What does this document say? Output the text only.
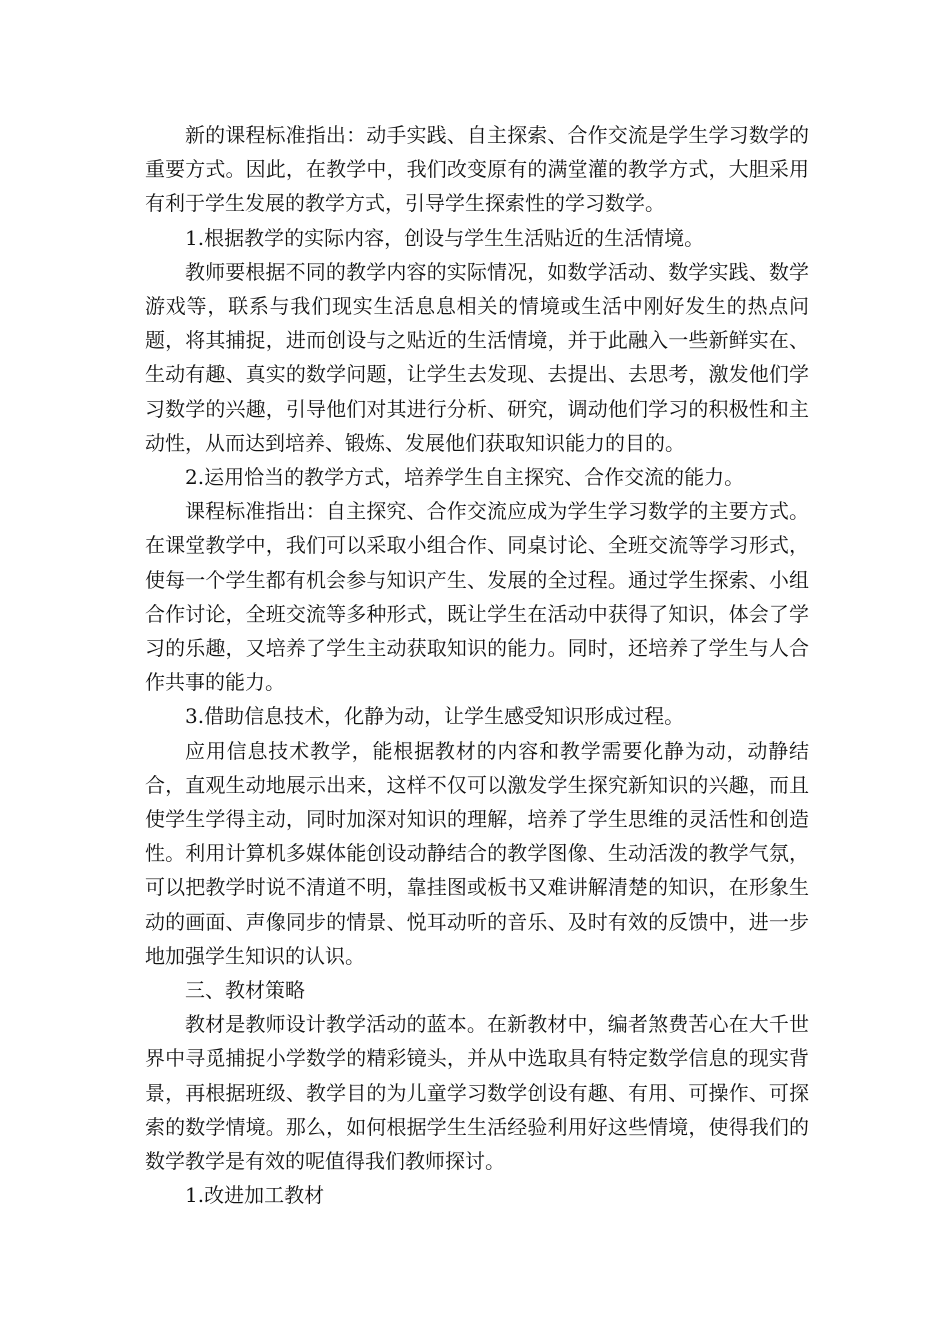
新的课程标准指出：动手实践、自主探索、合作交流是学生学习数学的重要方式。因此，在教学中，我们改变原有的满堂灌的教学方式，大胆采用有利于学生发展的教学方式，引导学生探索性的学习数学。

1.根据教学的实际内容，创设与学生生活贴近的生活情境。

教师要根据不同的教学内容的实际情况，如数学活动、数学实践、数学游戏等，联系与我们现实生活息息相关的情境或生活中刚好发生的热点问题，将其捕捉，进而创设与之贴近的生活情境，并于此融入一些新鲜实在、生动有趣、真实的数学问题，让学生去发现、去提出、去思考，激发他们学习数学的兴趣，引导他们对其进行分析、研究，调动他们学习的积极性和主动性，从而达到培养、锻炼、发展他们获取知识能力的目的。

2.运用恰当的教学方式，培养学生自主探究、合作交流的能力。

课程标准指出：自主探究、合作交流应成为学生学习数学的主要方式。在课堂教学中，我们可以采取小组合作、同桌讨论、全班交流等学习形式，使每一个学生都有机会参与知识产生、发展的全过程。通过学生探索、小组合作讨论，全班交流等多种形式，既让学生在活动中获得了知识，体会了学习的乐趣，又培养了学生主动获取知识的能力。同时，还培养了学生与人合作共事的能力。

3.借助信息技术，化静为动，让学生感受知识形成过程。

应用信息技术教学，能根据教材的内容和教学需要化静为动，动静结合，直观生动地展示出来，这样不仅可以激发学生探究新知识的兴趣，而且使学生学得主动，同时加深对知识的理解，培养了学生思维的灵活性和创造性。利用计算机多媒体能创设动静结合的教学图像、生动活泼的教学气氛，可以把教学时说不清道不明，靠挂图或板书又难讲解清楚的知识，在形象生动的画面、声像同步的情景、悦耳动听的音乐、及时有效的反馈中，进一步地加强学生知识的认识。

三、教材策略

教材是教师设计教学活动的蓝本。在新教材中，编者煞费苦心在大千世界中寻觅捕捉小学数学的精彩镜头，并从中选取具有特定数学信息的现实背景，再根据班级、教学目的为儿童学习数学创设有趣、有用、可操作、可探索的数学情境。那么，如何根据学生生活经验利用好这些情境，使得我们的数学教学是有效的呢值得我们教师探讨。

1.改进加工教材
